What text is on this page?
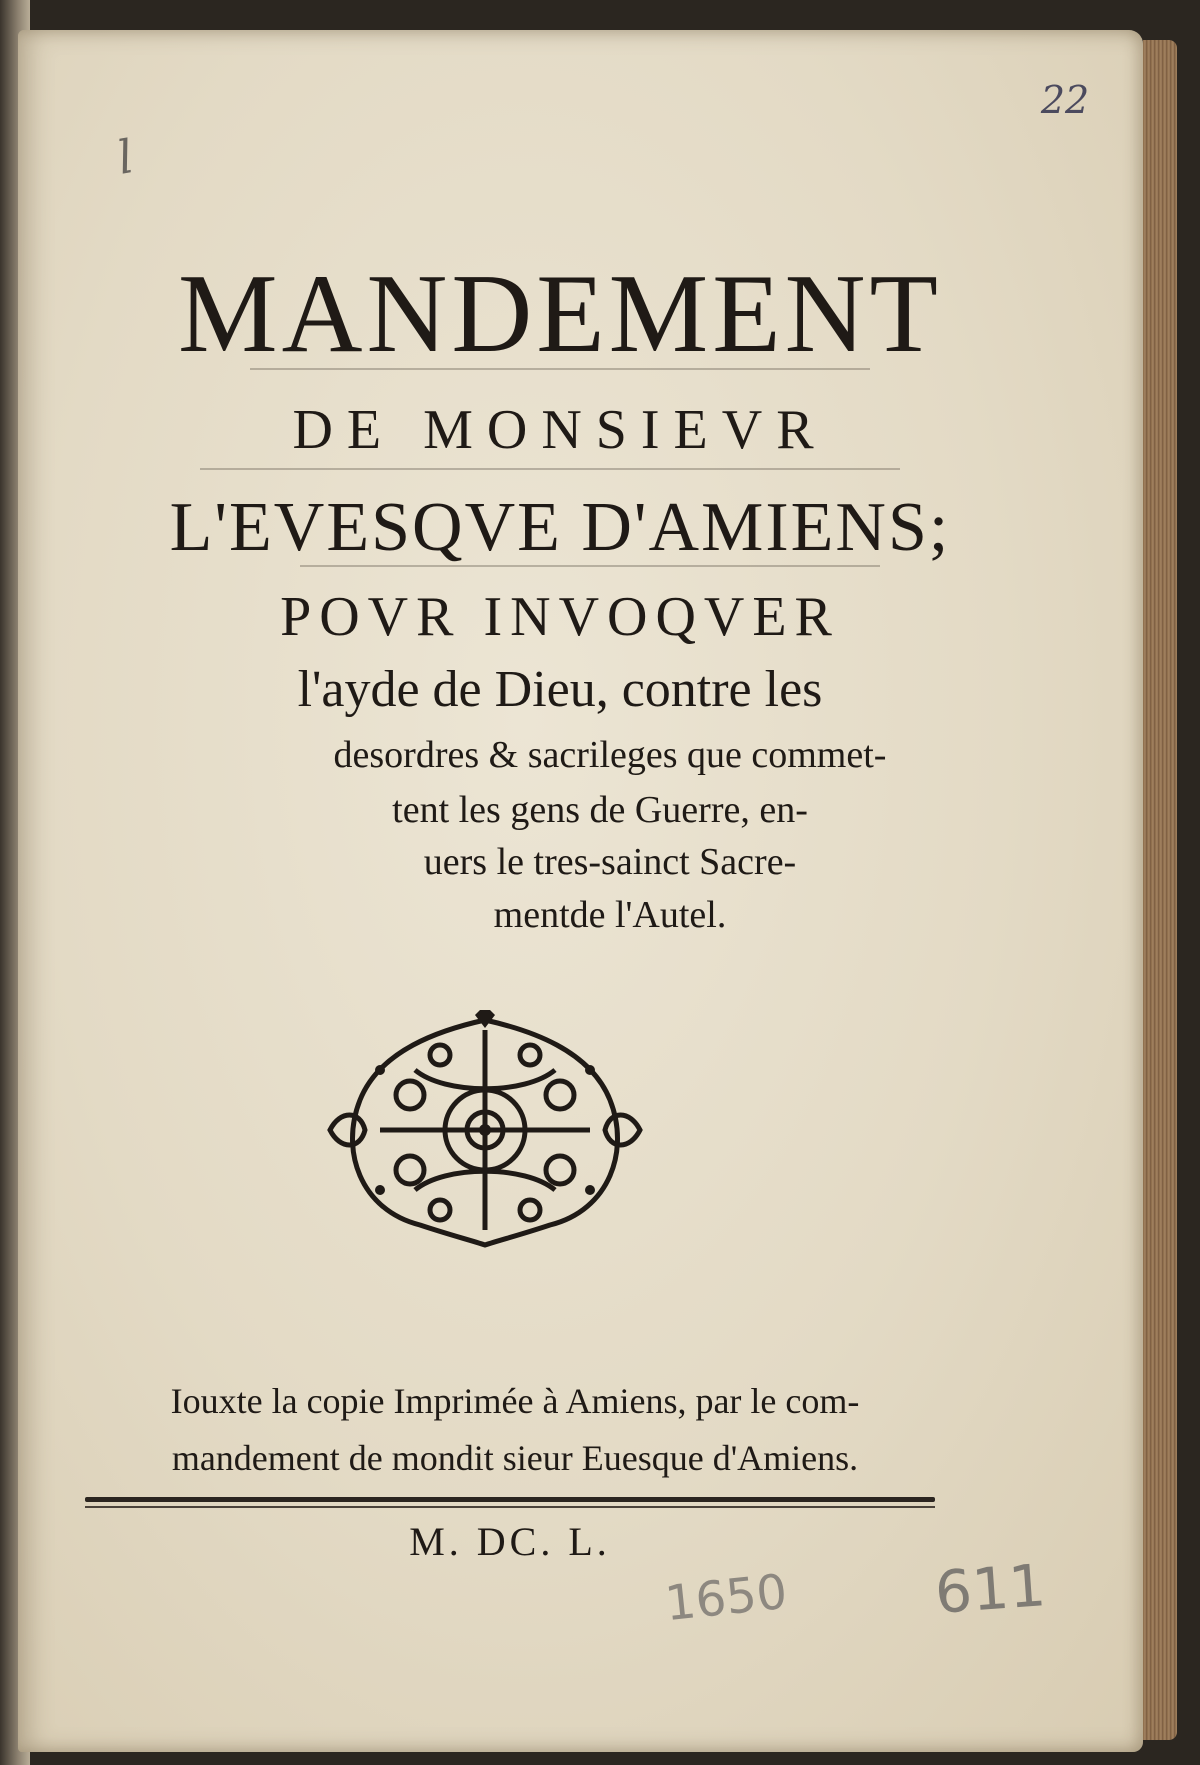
22
l
MANDEMENT
DE MONSIEVR
L'EVESQVE D'AMIENS;
POVR INVOQVER
l'ayde de Dieu, contre les
desordres & sacrileges que commet-
tent les gens de Guerre, en-
uers le tres-sainct Sacre-
mentde l'Autel.
Iouxte la copie Imprimée à Amiens, par le com-
mandement de mondit sieur Euesque d'Amiens.
M. DC. L.
1650 611
